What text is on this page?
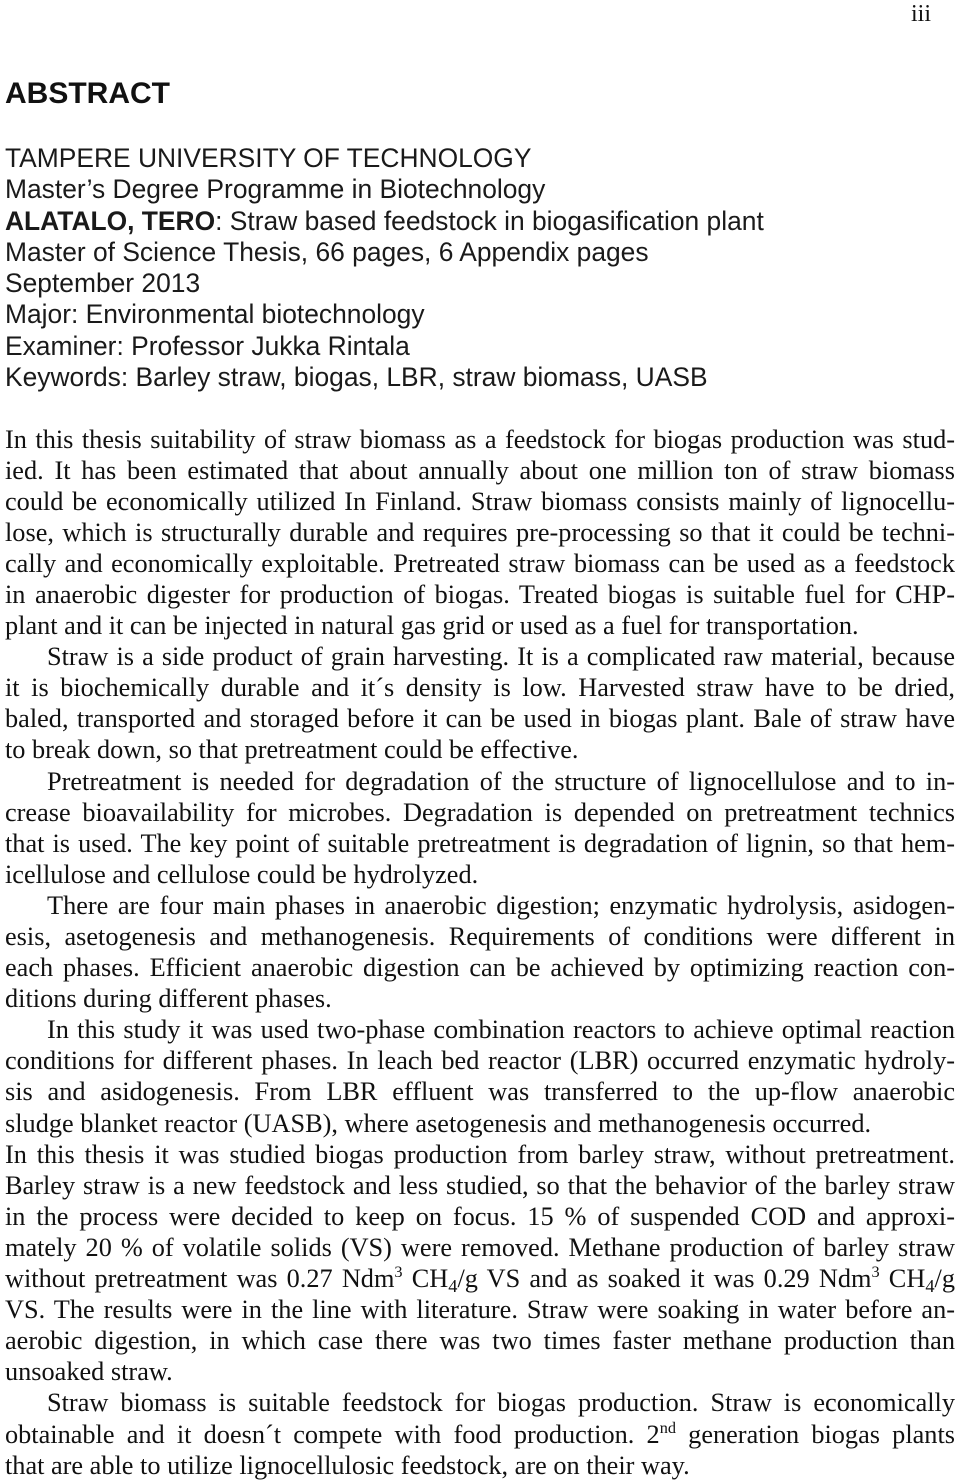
iii
ABSTRACT
TAMPERE UNIVERSITY OF TECHNOLOGY
Master’s Degree Programme in Biotechnology
ALATALO, TERO: Straw based feedstock in biogasification plant
Master of Science Thesis, 66 pages, 6 Appendix pages
September 2013
Major: Environmental biotechnology
Examiner: Professor Jukka Rintala
Keywords: Barley straw, biogas, LBR, straw biomass, UASB
In this thesis suitability of straw biomass as a feedstock for biogas production was stud-
ied. It has been estimated that about annually about one million ton of straw biomass
could be economically utilized In Finland. Straw biomass consists mainly of lignocellu-
lose, which is structurally durable and requires pre-processing so that it could be techni-
cally and economically exploitable. Pretreated straw biomass can be used as a feedstock
in anaerobic digester for production of biogas. Treated biogas is suitable fuel for CHP-
plant and it can be injected in natural gas grid or used as a fuel for transportation.
Straw is a side product of grain harvesting. It is a complicated raw material, because
it is biochemically durable and it´s density is low. Harvested straw have to be dried,
baled, transported and storaged before it can be used in biogas plant. Bale of straw have
to break down, so that pretreatment could be effective.
Pretreatment is needed for degradation of the structure of lignocellulose and to in-
crease bioavailability for microbes. Degradation is depended on pretreatment technics
that is used. The key point of suitable pretreatment is degradation of lignin, so that hem-
icellulose and cellulose could be hydrolyzed.
There are four main phases in anaerobic digestion; enzymatic hydrolysis, asidogen-
esis, asetogenesis and methanogenesis. Requirements of conditions were different in
each phases. Efficient anaerobic digestion can be achieved by optimizing reaction con-
ditions during different phases.
In this study it was used two-phase combination reactors to achieve optimal reaction
conditions for different phases. In leach bed reactor (LBR) occurred enzymatic hydroly-
sis and asidogenesis. From LBR effluent was transferred to the up-flow anaerobic
sludge blanket reactor (UASB), where asetogenesis and methanogenesis occurred.
In this thesis it was studied biogas production from barley straw, without pretreatment.
Barley straw is a new feedstock and less studied, so that the behavior of the barley straw
in the process were decided to keep on focus. 15 % of suspended COD and approxi-
mately 20 % of volatile solids (VS) were removed. Methane production of barley straw
without pretreatment was 0.27 Ndm$^3$ CH4/g VS and as soaked it was 0.29 Ndm$^3$ CH4/g
VS. The results were in the line with literature. Straw were soaking in water before an-
aerobic digestion, in which case there was two times faster methane production than
unsoaked straw.
Straw biomass is suitable feedstock for biogas production. Straw is economically
obtainable and it doesn´t compete with food production. 2nd generation biogas plants
that are able to utilize lignocellulosic feedstock, are on their way.
